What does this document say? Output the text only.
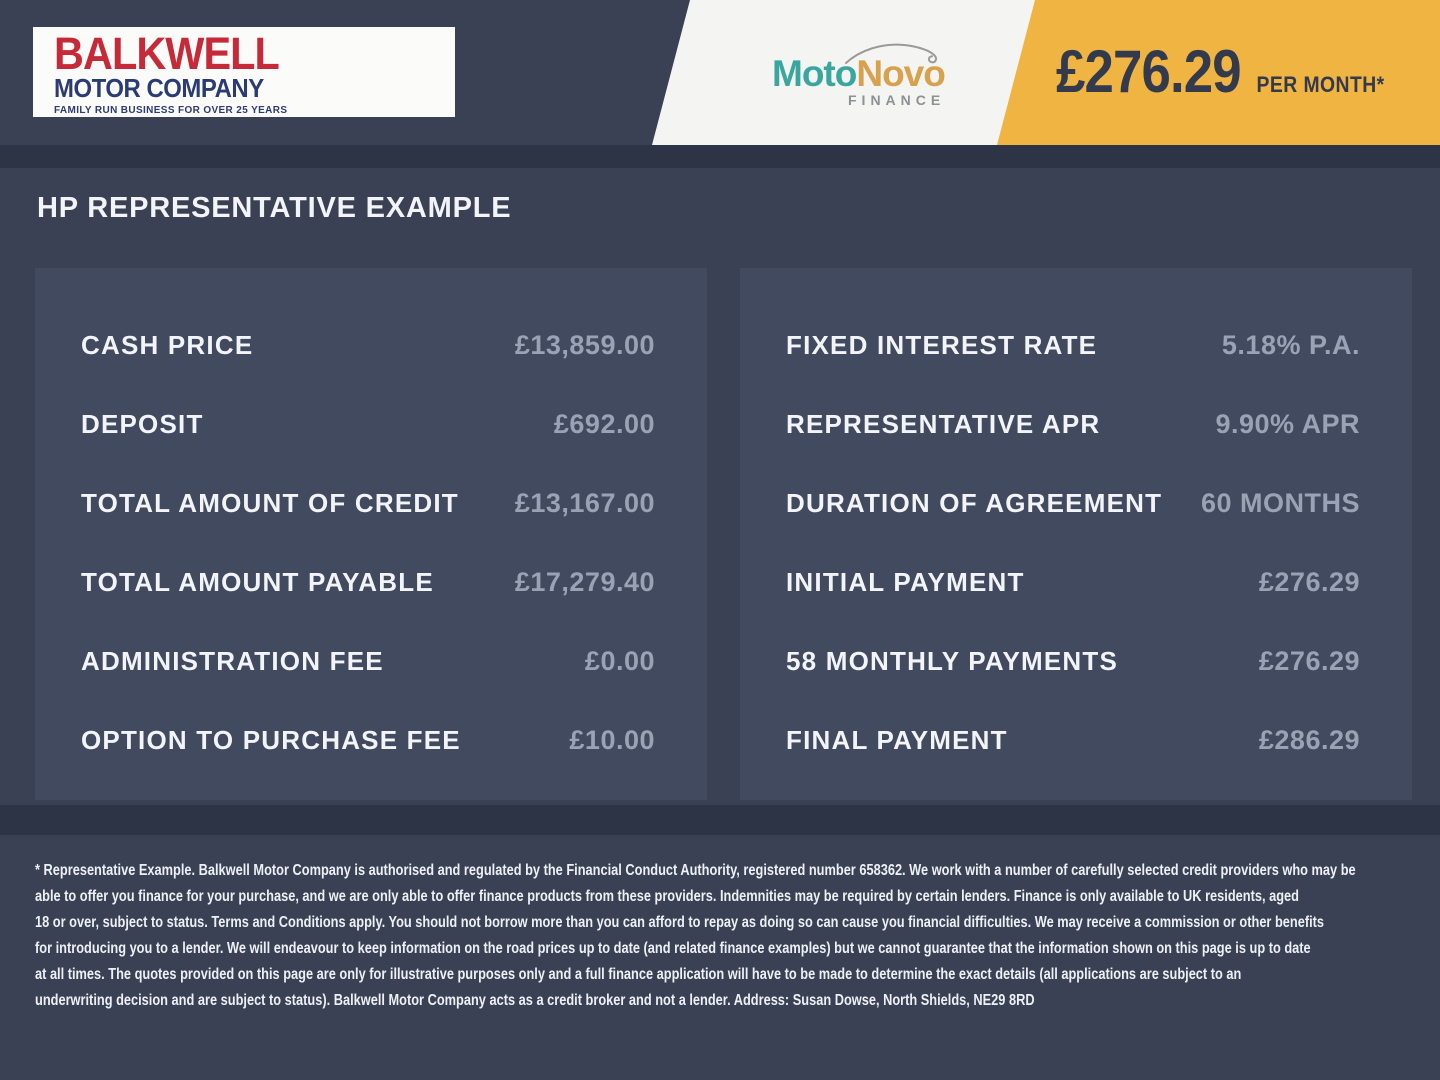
BALKWELL
MOTOR COMPANY
FAMILY RUN BUSINESS FOR OVER 25 YEARS
MotoNovo
FINANCE £276.29 PER MONTH*
HP REPRESENTATIVE EXAMPLE
CASH PRICE	£13,859.00
DEPOSIT	£692.00
TOTAL AMOUNT OF CREDIT £13,167.00
TOTAL AMOUNT PAYABLE	£17,279.40
ADMINISTRATION FEE	£0.00
OPTION TO PURCHASE FEE	£10.00
FIXED INTEREST RATE	5.18% P.A.
REPRESENTATIVE APR	9.90% APR
DURATION OF AGREEMENT 60 MONTHS
INITIAL PAYMENT	£276.29
58 MONTHLY PAYMENTS	£276.29
FINAL PAYMENT	£286.29
* Representative Example. Balkwell Motor Company is authorised and regulated by the Financial Conduct Authority, registered number 658362. We work with a number of carefully selected credit providers who may be
able to offer you finance for your purchase, and we are only able to offer finance products from these providers. Indemnities may be required by certain lenders. Finance is only available to UK residents, aged
18 or over, subject to status. Terms and Conditions apply. You should not borrow more than you can afford to repay as doing so can cause you financial difficulties. We may receive a commission or other benefits
for introducing you to a lender. We will endeavour to keep information on the road prices up to date (and related finance examples) but we cannot guarantee that the information shown on this page is up to date
at all times. The quotes provided on this page are only for illustrative purposes only and a full finance application will have to be made to determine the exact details (all applications are subject to an
underwriting decision and are subject to status). Balkwell Motor Company acts as a credit broker and not a lender. Address: Susan Dowse, North Shields, NE29 8RD
